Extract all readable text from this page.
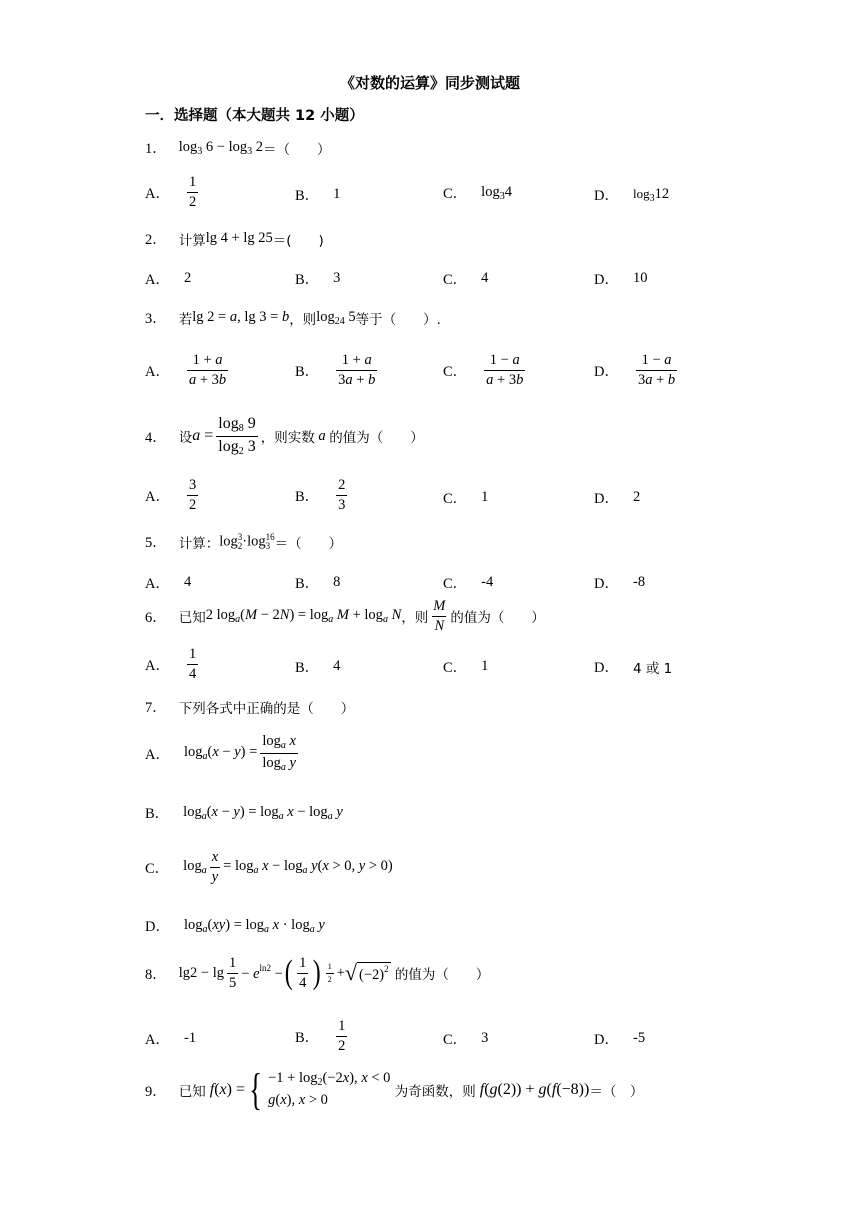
《对数的运算》同步测试题
一．选择题（本大题共 12 小题）
1． $\log_3 6 - \log_3 2$ ＝（　　）
A． $\frac{1}{2}$	B． 1	C． $\log_3 4$	D． $\log_3 12$
2． 计算 lg 4 + lg 25 ＝(　　)
A． 2	B． 3	C． 4	D． 10
3． 若 lg 2 = a, lg 3 = b ，则 $\log_{24} 5$ 等于（　　）.
A． $\frac{1 + a}{a + 3b}$	B． $\frac{1 + a}{3a + b}$	C． $\frac{1 - a}{a + 3b}$	D． $\frac{1 - a}{3a + b}$
4． 设 $a = \frac{\log_8 9}{\log_2 3}$ ，则实数 a 的值为（　　）
A． $\frac{3}{2}$	B． $\frac{2}{3}$	C． 1	D． 2
5． 计算： log 3
2 ·log 16
3 ＝（　　）
A． 4	B． 8	C． -4	D． -8
6． 已知 2 $\log_a(M - 2N) = \log_a M + \log_a N$ ，则 $\frac{M}{N}$ 的值为（　　）
A． $\frac{1}{4}$	B． 4	C． 1	D． 4 或 1
7． 下列各式中正确的是（　　）
A． $\log_a(x - y) = \frac{\log_a x}{\log_a y}$
B． $\log_a(x - y) = \log_a x - \log_a y$
C． $\log_a \frac{x}{y} = \log_a x - \log_a y(x > 0$, y > 0)
D． $\log_a(xy) = \log_a x \cdot \log_a y$
8． $\lg 2 - \lg \frac{1}{5} - e^{ln2}$ − ( $\frac{1}{4}$ ) $\frac{1}{2}$ + √ $(-2)^2$
的值为（　　）
A． -1	B． $\frac{1}{2}$	C． 3	D． -5
9． 已知 f(x) = { $-1 + \log_2(-2x)$, x < 0
g(x), x > 0

为奇函数，则 f(g(2)) + g(f(−8)) ＝（　）
